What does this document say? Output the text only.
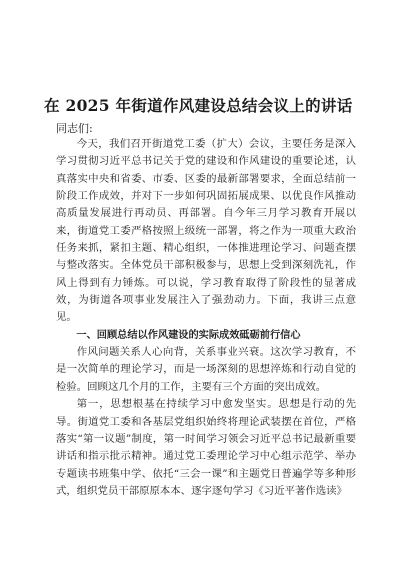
在 2025 年街道作风建设总结会议上的讲话
同志们:

今天，我们召开街道党工委（扩大）会议，主要任务是深入学习贯彻习近平总书记关于党的建设和作风建设的重要论述，认真落实中央和省委、市委、区委的最新部署要求，全面总结前一阶段工作成效，并对下一步如何巩固拓展成果、以优良作风推动高质量发展进行再动员、再部署。自今年三月学习教育开展以来，街道党工委严格按照上级统一部署，将之作为一项重大政治任务来抓，紧扣主题、精心组织，一体推进理论学习、问题查摆与整改落实。全体党员干部积极参与，思想上受到深刻洗礼，作风上得到有力锤炼。可以说，学习教育取得了阶段性的显著成效，为街道各项事业发展注入了强劲动力。下面，我讲三点意见。

一、回顾总结以作风建设的实际成效砥砺前行信心

作风问题关系人心向背，关系事业兴衰。这次学习教育，不是一次简单的理论学习，而是一场深刻的思想淬炼和行动自觉的检验。回顾这几个月的工作，主要有三个方面的突出成效。

第一，思想根基在持续学习中愈发坚实。思想是行动的先导。街道党工委和各基层党组织始终将理论武装摆在首位，严格落实“第一议题”制度，第一时间学习领会习近平总书记最新重要讲话和指示批示精神。通过党工委理论学习中心组示范学、举办专题读书班集中学、依托“三会一课”和主题党日普遍学等多种形式，组织党员干部原原本本、逐字逐句学习《习近平著作选读》
